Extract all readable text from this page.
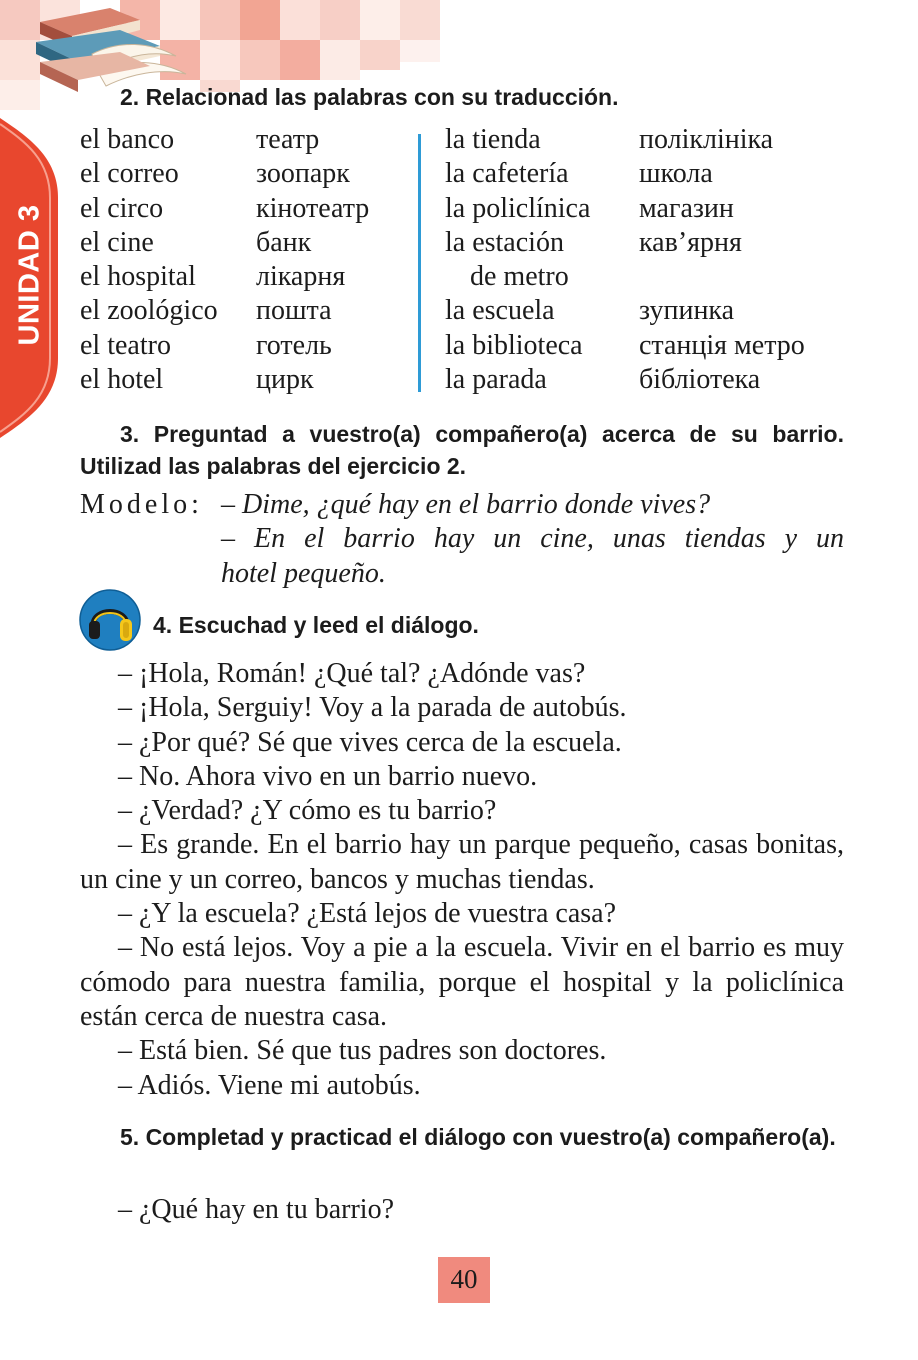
UNIDAD 3
2. Relacionad las palabras con su traducción.
el banco
el correo
el circo
el cine
el hospital
el zoológico
el teatro
el hotel
театр
зоопарк
кінотеатр
банк
лікарня
пошта
готель
цирк
la tienda
la cafetería
la policlínica
la estación
de metro
la escuela
la biblioteca
la parada
поліклініка
школа
магазин
кав’ярня
зупинка
станція метро
бібліотека
3. Preguntad a vuestro(a) compañero(a) acerca de su barrio. Utilizad las palabras del ejercicio 2.
Modelo: – Dime, ¿qué hay en el barrio donde vives?
– En el barrio hay un cine, unas tiendas y un
hotel pequeño.
4. Escuchad y leed el diálogo.

– ¡Hola, Román! ¿Qué tal? ¿Adónde vas?

– ¡Hola, Serguiy! Voy a la parada de autobús.

– ¿Por qué? Sé que vives cerca de la escuela.

– No. Ahora vivo en un barrio nuevo.

– ¿Verdad? ¿Y cómo es tu barrio?

– Es grande. En el barrio hay un parque pequeño, casas bonitas, un cine y un correo, bancos y muchas tiendas.

– ¿Y la escuela? ¿Está lejos de vuestra casa?

– No está lejos. Voy a pie a la escuela. Vivir en el barrio es muy cómodo para nuestra familia, porque el hospital y la policlínica están cerca de nuestra casa.

– Está bien. Sé que tus padres son doctores.

– Adiós. Viene mi autobús.

5. Completad y practicad el diálogo con vuestro(a) compañero(a).
– ¿Qué hay en tu barrio?
40
